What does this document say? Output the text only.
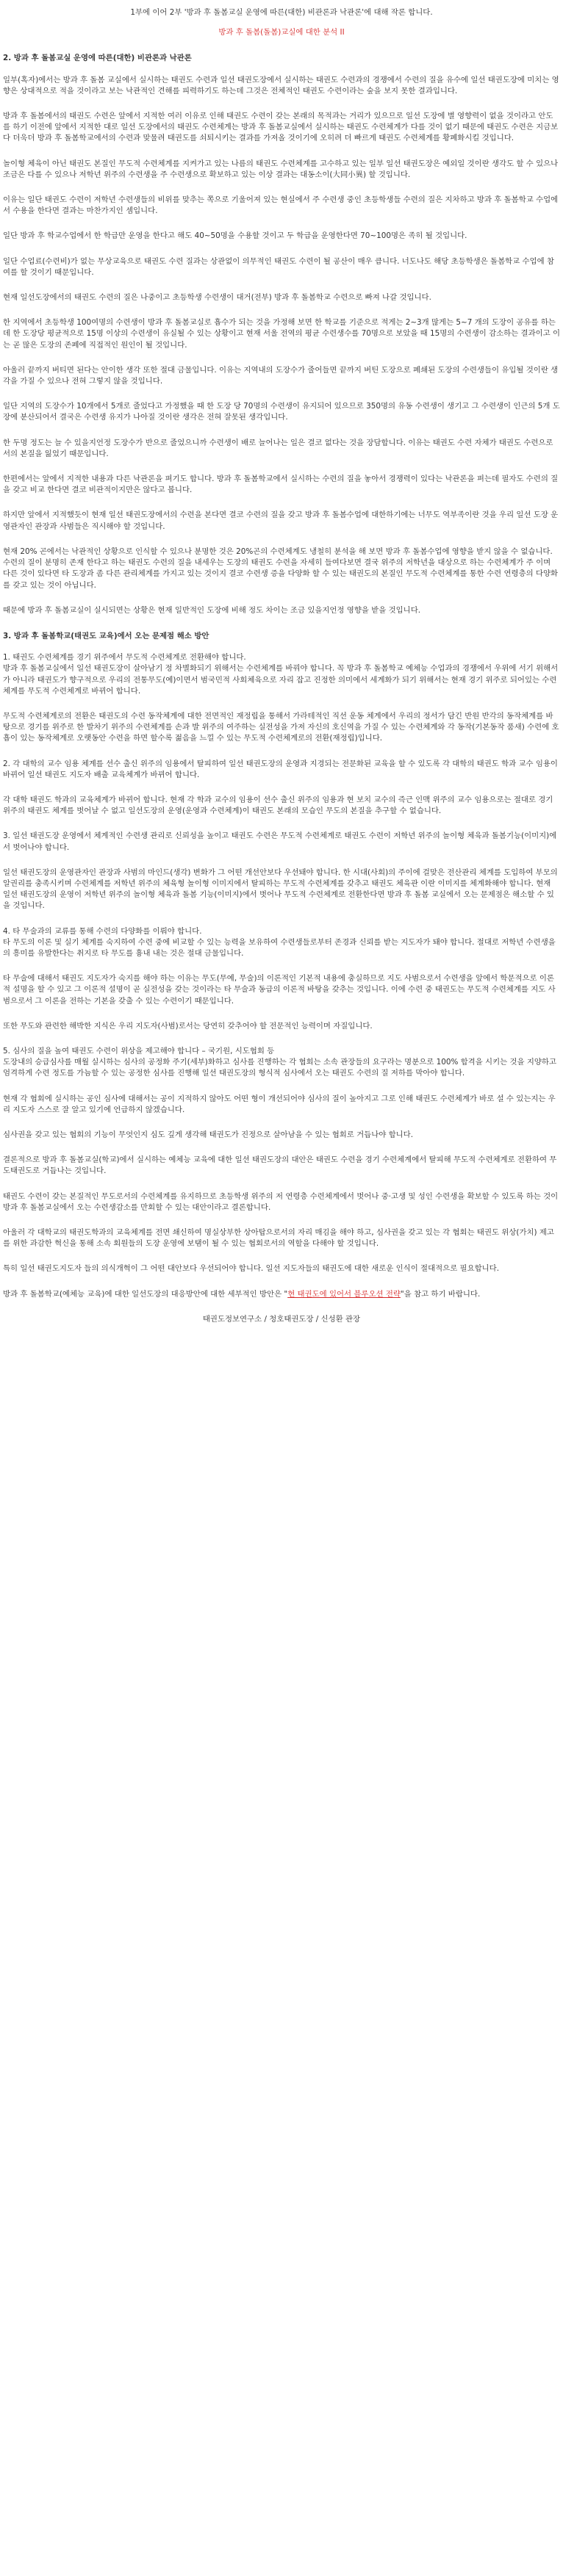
1부에 이어 2부 '방과 후 돌봄교실 운영에 따른(대한) 비관론과 낙관론'에 대해 작론 합니다.
방과 후 돌봄(돌봄)교실에 대한 분석 II
2. 방과 후 돌봄교실 운영에 따른(대한) 비관론과 낙관론
일부(혹자)에서는 방과 후 돌봄 교실에서 실시하는 태권도 수련과 일선 태권도장에서 실시하는 태권도 수련과의 경쟁에서 수련의 질을 유수에 일선 태권도장에 미치는 영향은 상대적으로 적을 것이라고 보는 낙관적인 견해를 피력하기도 하는데 그것은 전체적인 태권도 수련이라는 숲을 보지 못한 결과입니다.
방과 후 돌봄에서의 태권도 수련은 앞에서 지적한 여러 이유로 인해 태권도 수련이 갖는 본래의 목적과는 거리가 있으므로 일선 도장에 별 영향력이 없을 것이라고 안도를 하기 이전에 앞에서 지적한 대로 일선 도장에서의 태권도 수련체계는 방과 후 돌봄교실에서 실시하는 태권도 수련체계가 다를 것이 없기 때문에 태권도 수련은 지금보다 더욱더 방과 후 돌봄학교에서의 수련과 맞물려 태권도를 쇠퇴시키는 결과를 가져올 것이기에 오히려 더 빠르게 태권도 수련체계를 황폐화시킬 것입니다.
놀이형 체육이 아닌 태권도 본질인 무도적 수련체계를 지켜가고 있는 나름의 태권도 수련체계를 고수하고 있는 일부 일선 태권도장은 예외일 것이란 생각도 할 수 있으나 조금은 다를 수 있으나 저학년 위주의 수련생을 주 수련생으로 확보하고 있는 이상 결과는 대동소이(大同小異) 할 것입니다.
이유는 일단 태권도 수련이 저학년 수련생들의 비위를 맞추는 쪽으로 기울어져 있는 현실에서 주 수련생 중인 초등학생들 수련의 질은 지차하고 방과 후 돌봄학교 수업에서 수용을 한다면 결과는 마찬가지인 셈입니다.
일단 방과 후 학교수업에서 한 학급만 운영을 한다고 해도 40~50명을 수용할 것이고 두 학급을 운영한다면 70~100명은 족히 될 것입니다.
일단 수업료(수련비)가 없는 무상교육으로 태권도 수련 질과는 상관없이 의무적인 태권도 수련이 될 공산이 매우 큽니다. 너도나도 해당 초등학생은 돌봄학교 수업에 참여를 할 것이기 때문입니다.
현재 일선도장에서의 태권도 수련의 질은 나중이고 초등학생 수련생이 대거(전부) 방과 후 돌봄학교 수련으로 빠져 나갈 것입니다.
한 지역에서 초등학생 100여명의 수련생이 방과 후 돌봄교실로 흡수가 되는 것을 가정해 보면 한 학교를 기준으로 적게는 2~3개 많게는 5~7 개의 도장이 공유를 하는데 한 도장당 평균적으로 15명 이상의 수련생이 유실될 수 있는 상황이고 현재 서울 전역의 평균 수련생수를 70명으로 보았을 때 15명의 수련생이 감소하는 결과이고 이는 곧 많은 도장의 존폐에 직접적인 원인이 될 것입니다.
아울러 끝까지 버티면 된다는 안이한 생각 또한 절대 금물입니다. 이유는 지역내의 도장수가 줄어들면 끝까지 버틴 도장으로 폐쇄된 도장의 수련생들이 유입될 것이란 생각을 가질 수 있으나 전혀 그렇지 않을 것입니다.
일단 지역의 도장수가 10개에서 5개로 줄었다고 가정했을 때 한 도장 당 70명의 수련생이 유지되어 있으므로 350명의 유동 수련생이 생기고 그 수련생이 인근의 5개 도장에 분산되어서 결국은 수련생 유지가 나아질 것이란 생각은 전혀 잘못된 생각입니다.
한 두명 정도는 늘 수 있을지언정 도장수가 반으로 줄었으니까 수련생이 배로 늘어나는 일은 결코 없다는 것을 장담합니다. 이유는 태권도 수련 자체가 태권도 수련으로서의 본질을 잃었기 때문입니다.
한편에서는 앞에서 지적한 내용과 다른 낙관론을 펴기도 합니다. 방과 후 돌봄학교에서 실시하는 수련의 질을 놓아서 경쟁력이 있다는 낙관론을 펴는데 필자도 수련의 질을 갖고 비교 한다면 결코 비관적이지만은 않다고 봅니다.
하지만 앞에서 지적했듯이 현재 일선 태권도장에서의 수련을 본다면 결코 수련의 질을 갖고 방과 후 돌봄수업에 대한하기에는 너무도 역부족이란 것을 우리 일선 도장 운영관자인 관장과 사범들은 직시해야 할 것입니다.
현재 20% 곤에서는 낙관적인 상황으로 인식할 수 있으나 분명한 것은 20%곤의 수련체계도 냉철히 분석을 해 보면 방과 후 돌봄수업에 영향을 받지 않을 수 없습니다. 수련의 질이 분명히 존재 한다고 하는 태권도 수련의 질을 내세우는 도장의 태권도 수련을 자세히 들여다보면 결국 위주의 저학년을 대상으로 하는 수련체계가 주 이며 다른 것이 있다면 타 도장과 좀 다른 관리체계를 가지고 있는 것이지 결코 수련생 증을 다양화 할 수 있는 태권도의 본질인 무도적 수련체계를 통한 수련 연령층의 다양화를 갖고 있는 것이 아닙니다.
때문에 방과 후 돌봄교실이 실시되면는 상황은 현재 일반적인 도장에 비해 정도 차이는 조금 있을지언정 영향을 받을 것입니다.
3. 방과 후 돌봄학교(태권도 교육)에서 오는 문제점 해소 방안
1. 태권도 수련체계를 경기 위주에서 무도적 수련체계로 전환해야 합니다.
방과 후 돌봄교실에서 일선 태권도장이 살아남기 정 차별화되기 위해서는 수련체계를 바꿔야 합니다. 꼭 방과 후 돌봄학교 예체능 수업과의 경쟁에서 우위에 서기 위해서가 아니라 태권도가 향구적으로 우리의 전통무도(예)이면서 범국민적 사회체육으로 자리 잡고 진정한 의미에서 세계화가 되기 위해서는 현재 경기 위주로 되어있는 수련체계를 무도적 수련체계로 바뀌어 합니다.
무도적 수련체계로의 전환은 태권도의 수련 동작체계에 대한 전면적인 재정립을 통해서 가라테적인 직선 운동 체계에서 우리의 정서가 담긴 반원 반각의 동작체계를 바탕으로 경기를 위주로 한 발차기 위주의 수련체계를 손과 발 위주의 여주하는 실전성을 가져 자신의 호신역을 가질 수 있는 수련체계와 각 동작(기본동작 품새) 수련에 호흡이 있는 동작체계로 오랫동안 수련을 하면 할수록 젊음을 느낄 수 있는 무도적 수련체계로의 전환(재정립)입니다.
2. 각 대학의 교수 임용 체계를 선수 출신 위주의 임용에서 탈피하여 일선 태권도장의 운영과 지경되는 전문화된 교육을 할 수 있도록 각 대학의 태권도 학과 교수 임용이 바뀌어 일선 태권도 지도자 배출 교육체계가 바뀌어 합니다.
각 대학 태권도 학과의 교육체계가 바뀌어 합니다. 현재 각 학과 교수의 임용이 선수 출신 위주의 임용과 현 보치 교수의 즉근 인맥 위주의 교수 임용으로는 절대로 경기 위주의 태권도 체계를 벗어날 수 없고 일선도장의 운영(운영과 수련체계)이 태권도 본래의 모습인 무도의 본질을 추구할 수 없습니다.
3. 일선 태권도장 운영에서 체계적인 수련생 관리로 신뢰성을 높이고 태권도 수련은 무도적 수련체계로 태권도 수련이 저학년 위주의 놀이형 체육과 돌봄기능(이미지)에서 벗어나야 합니다.
일선 태권도장의 운영관자인 관장과 사범의 마인드(생각) 변화가 그 어떤 개선안보다 우선돼야 합니다. 한 시대(사회)의 주이에 걸맞은 전산관리 체계를 도입하여 부모의 알권리를 충족시키며 수련체계를 저학년 위주의 체육형 놀이형 이미지에서 탈피하는 무도적 수련체계를 갖추고 태권도 체육관 이란 이미지를 체계화해야 합니다. 현재 일선 태권도장의 운영이 저학년 위주의 놀이형 체육과 돌봄 기능(이미지)에서 벗어나 무도적 수련체계로 전환한다면 방과 후 돌봄 교실에서 오는 문제점은 해소할 수 있을 것입니다.
4. 타 무술과의 교류를 통해 수련의 다양화를 이뤄야 합니다.
타 무도의 이론 및 실기 체계를 숙지하여 수련 중에 비교할 수 있는 능력을 보유하여 수련생들로부터 존경과 신뢰를 받는 지도자가 돼야 합니다. 절대로 저학년 수련생을의 흥미를 유발한다는 취지로 타 무도를 흉내 내는 것은 절대 금물입니다.
타 무술에 대해서 태권도 지도자가 숙지를 해야 하는 이유는 무도(무예, 무술)의 이론적인 기본적 내용에 충실하므로 지도 사범으로서 수련생을 앞에서 학문적으로 이론적 설명을 할 수 있고 그 이론적 설명이 곧 실전성을 갖는 것이라는 타 무술과 동급의 이론적 바탕을 갖추는 것입니다. 이에 수련 중 태권도는 무도적 수련체계를 지도 사범으로서 그 이론을 전하는 기본을 갖출 수 있는 수련이기 때문입니다.
또한 무도와 관련한 해박한 지식은 우리 지도자(사범)로서는 당연히 갖추어야 할 전문적인 능력이며 자질입니다.
5. 심사의 질을 높여 태권도 수련이 위상을 제고해야 합니다 – 국기원, 시도협회 등
도장내의 승급심사를 매월 실시하는 심사의 공정화 주기(세부)화하고 심사를 진행하는 각 협회는 소속 관장들의 요구라는 명분으로 100% 합격을 시키는 것을 지양하고 엄격하게 수련 정도를 가늠할 수 있는 공정한 심사를 진행해 일선 태권도장의 형식적 심사에서 오는 태권도 수련의 질 저하를 막아야 합니다.
현재 각 협회에 실시하는 공인 심사에 대해서는 공이 지적하지 않아도 어떤 형이 개선되어야 심사의 질이 높아지고 그로 인해 태권도 수련체계가 바로 설 수 있는지는 우리 지도자 스스로 잘 알고 있기에 언급하지 않겠습니다.
심사권을 갖고 있는 협회의 기능이 무엇인지 심도 깊게 생각해 태권도가 진정으로 살아남을 수 있는 협회로 거듭나야 합니다.
결론적으로 방과 후 돌봄교실(학교)에서 실시하는 예체능 교육에 대한 일선 태권도장의 대안은 태권도 수련을 경기 수련체계에서 탈피해 무도적 수련체계로 전환하여 무도태권도로 거듭나는 것입니다.
태권도 수련이 갖는 본질적인 무도로서의 수련체계를 유지하므로 초등학생 위주의 저 연령층 수련체계에서 벗어나 중·고생 및 성인 수련생을 확보할 수 있도록 하는 것이 방과 후 돌봄교실에서 오는 수련생감소를 만회할 수 있는 대안이라고 결론합니다.
아울러 각 대학교의 태권도학과의 교육체계를 전면 쇄신하여 명실상부한 상아탑으로서의 자리 매김을 해야 하고, 심사권을 갖고 있는 각 협회는 태권도 위상(가치) 제고를 위한 과감한 혁신을 통해 소속 회원들의 도장 운영에 보탬이 될 수 있는 협회로서의 역할을 다해야 할 것입니다.
특히 일선 태권도지도자 들의 의식개혁이 그 어떤 대안보다 우선되어야 합니다. 일선 지도자들의 태권도에 대한 새로운 인식이 절대적으로 필요합니다.
방과 후 돌봄학교(예체능 교육)에 대한 일선도장의 대응방안에 대한 세부적인 방안은 "현 태권도에 있어서 블루오션 전략"을 참고 하기 바랍니다.
태권도정보연구소 / 청호태권도장 / 신성환 관장
